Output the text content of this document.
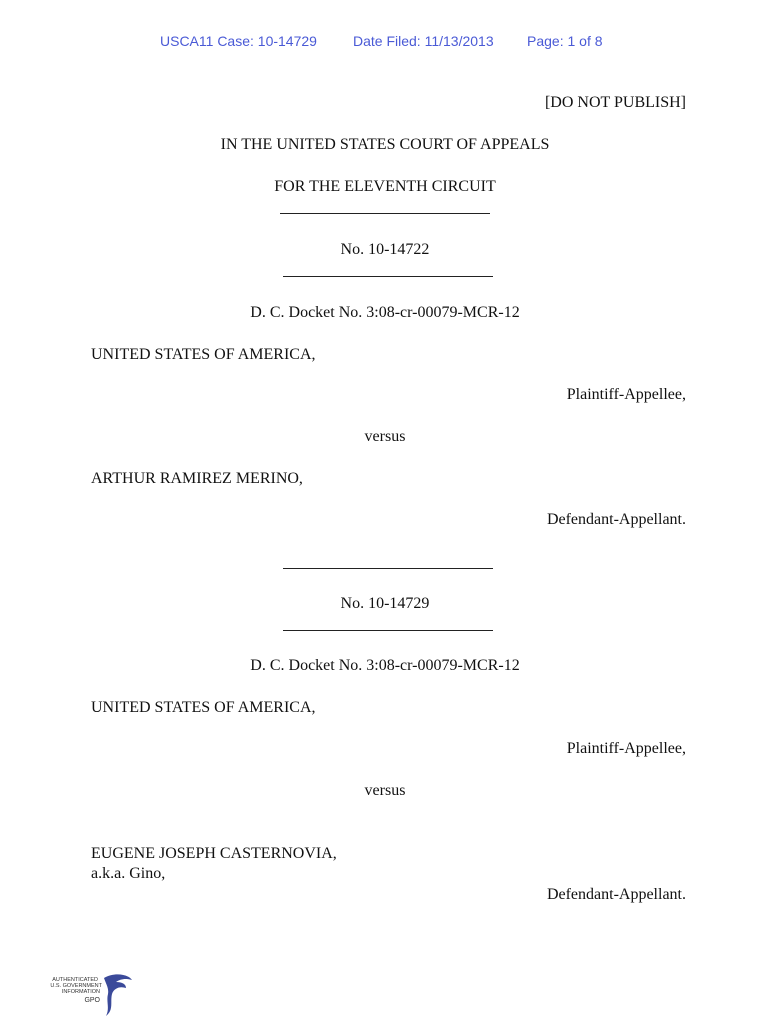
USCA11 Case: 10-14729	Date Filed: 11/13/2013 Page: 1 of 8
[DO NOT PUBLISH]
IN THE UNITED STATES COURT OF APPEALS
FOR THE ELEVENTH CIRCUIT
No. 10-14722
D. C. Docket No. 3:08-cr-00079-MCR-12
UNITED STATES OF AMERICA,
Plaintiff-Appellee,
versus
ARTHUR RAMIREZ MERINO,
Defendant-Appellant.
No. 10-14729
D. C. Docket No. 3:08-cr-00079-MCR-12
UNITED STATES OF AMERICA,
Plaintiff-Appellee,
versus
EUGENE JOSEPH CASTERNOVIA,
a.k.a. Gino,
Defendant-Appellant.
AUTHENTICATED
U.S. GOVERNMENT
INFORMATION
GPO
